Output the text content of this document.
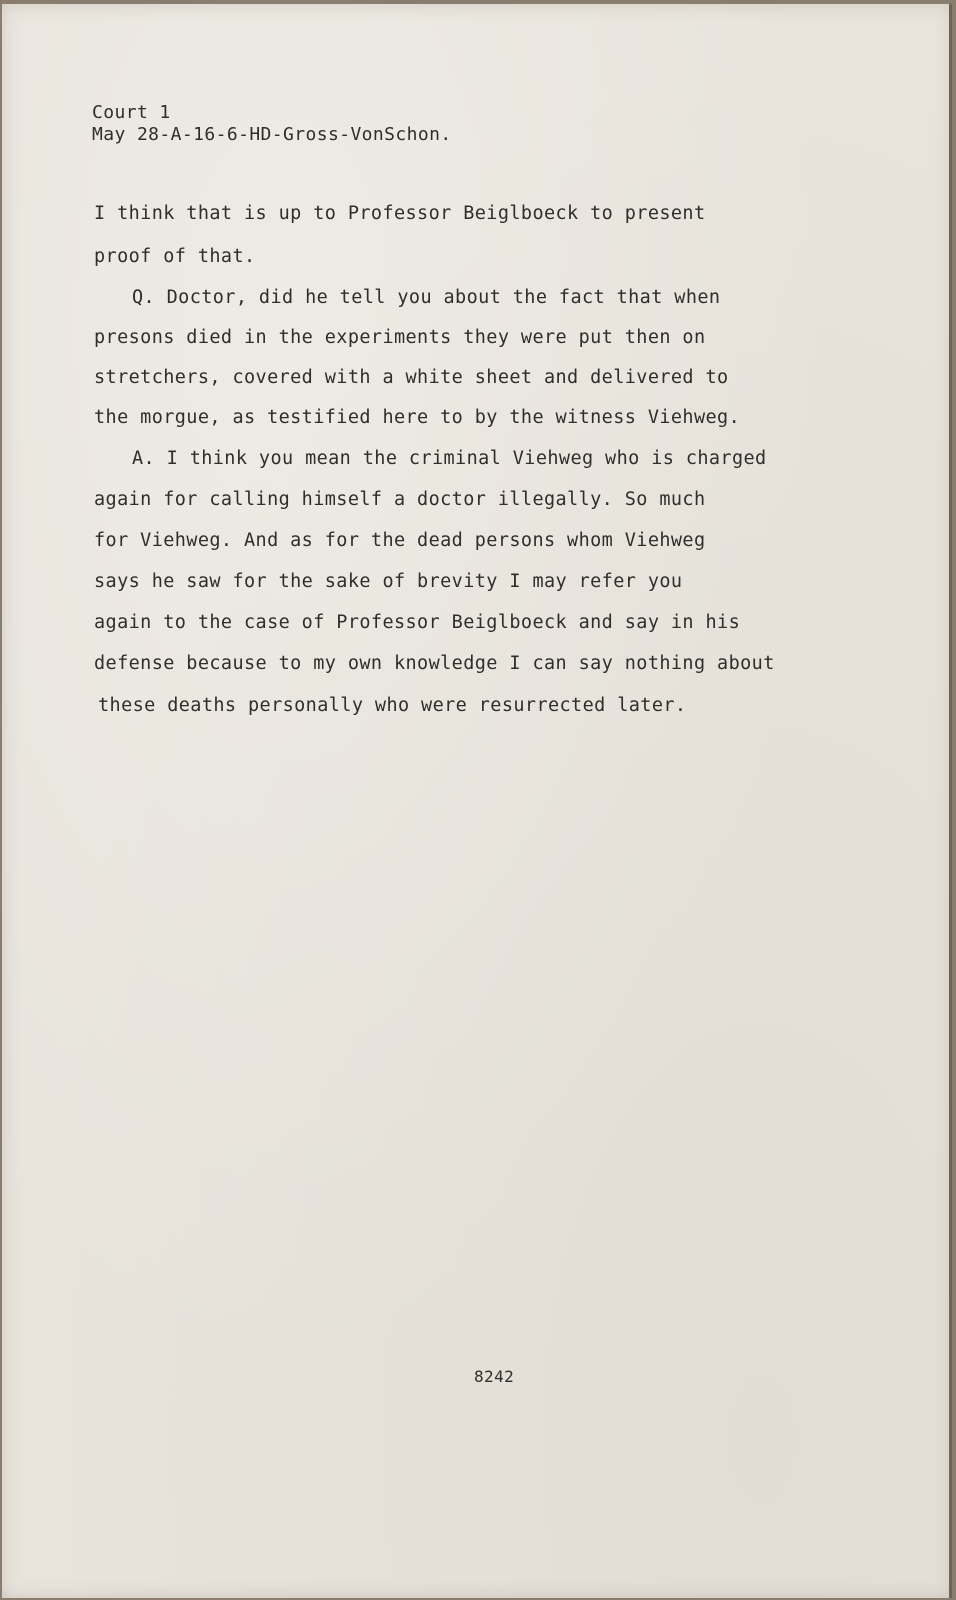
Court 1
May 28-A-16-6-HD-Gross-VonSchon.
I think that is up to Professor Beiglboeck to present
proof of that.
Q. Doctor, did he tell you about the fact that when
presons died in the experiments they were put then on
stretchers, covered with a white sheet and delivered to
the morgue, as testified here to by the witness Viehweg.
A. I think you mean the criminal Viehweg who is charged
again for calling himself a doctor illegally. So much
for Viehweg. And as for the dead persons whom Viehweg
says he saw for the sake of brevity I may refer you
again to the case of Professor Beiglboeck and say in his
defense because to my own knowledge I can say nothing about
these deaths personally who were resurrected later.
8242
